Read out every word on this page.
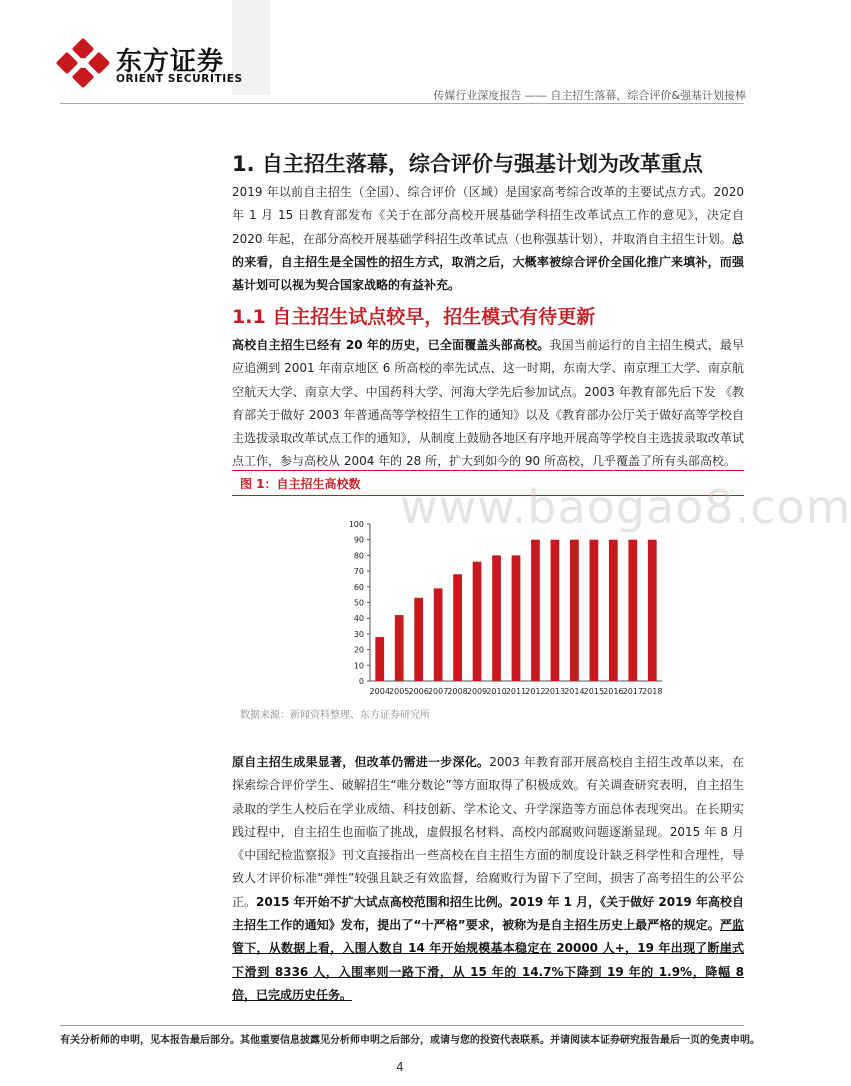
东方证券
ORIENT SECURITIES
传媒行业深度报告 —— 自主招生落幕，综合评价&强基计划接棒
1. 自主招生落幕，综合评价与强基计划为改革重点
2019 年以前自主招生（全国）、综合评价（区域）是国家高考综合改革的主要试点方式。2020 年 1 月 15 日教育部发布《关于在部分高校开展基础学科招生改革试点工作的意见》，决定自 2020 年起，在部分高校开展基础学科招生改革试点（也称强基计划），并取消自主招生计划。总的来看，自主招生是全国性的招生方式，取消之后，大概率被综合评价全国化推广来填补，而强基计划可以视为契合国家战略的有益补充。
1.1 自主招生试点较早，招生模式有待更新
高校自主招生已经有 20 年的历史，已全面覆盖头部高校。我国当前运行的自主招生模式，最早应追溯到 2001 年南京地区 6 所高校的率先试点，这一时期，东南大学、南京理工大学、南京航空航天大学、南京大学、中国药科大学、河海大学先后参加试点。2003 年教育部先后下发 《教育部关于做好 2003 年普通高等学校招生工作的通知》以及《教育部办公厅关于做好高等学校自主选拔录取改革试点工作的通知》，从制度上鼓励各地区有序地开展高等学校自主选拔录取改革试点工作，参与高校从 2004 年的 28 所，扩大到如今的 90 所高校，几乎覆盖了所有头部高校。
图 1：自主招生高校数 www.baogao8.com
0
10
20
30
40
50
60
70
80
90
100
2004 2005 2006 2007 2008 2009 2010 2011 2012 2013 2014 2015 2016 2017 2018
数据来源：新闻资料整理、东方证券研究所
原自主招生成果显著，但改革仍需进一步深化。2003 年教育部开展高校自主招生改革以来，在探索综合评价学生、破解招生“唯分数论”等方面取得了积极成效。有关调查研究表明，自主招生录取的学生人校后在学业成绩、科技创新、学术论文、升学深造等方面总体表现突出。在长期实践过程中，自主招生也面临了挑战，虚假报名材料、高校内部腐败问题逐渐显现。2015 年 8 月《中国纪检监察报》刊文直接指出一些高校在自主招生方面的制度设计缺乏科学性和合理性，导致人才评价标准“弹性”较强且缺乏有效监督，给腐败行为留下了空间，损害了高考招生的公平公正。2015 年开始不扩大试点高校范围和招生比例。2019 年 1 月，《关于做好 2019 年高校自主招生工作的通知》发布，提出了“十严格”要求，被称为是自主招生历史上最严格的规定。严监管下，从数据上看，入围人数自 14 年开始规模基本稳定在 20000 人+，19 年出现了断崖式下滑到 8336 人，入围率则一路下滑，从 15 年的 14.7%下降到 19 年的 1.9%，降幅 8 倍，已完成历史任务。
有关分析师的申明，见本报告最后部分。其他重要信息披露见分析师申明之后部分，或请与您的投资代表联系。并请阅读本证券研究报告最后一页的免责申明。
4
